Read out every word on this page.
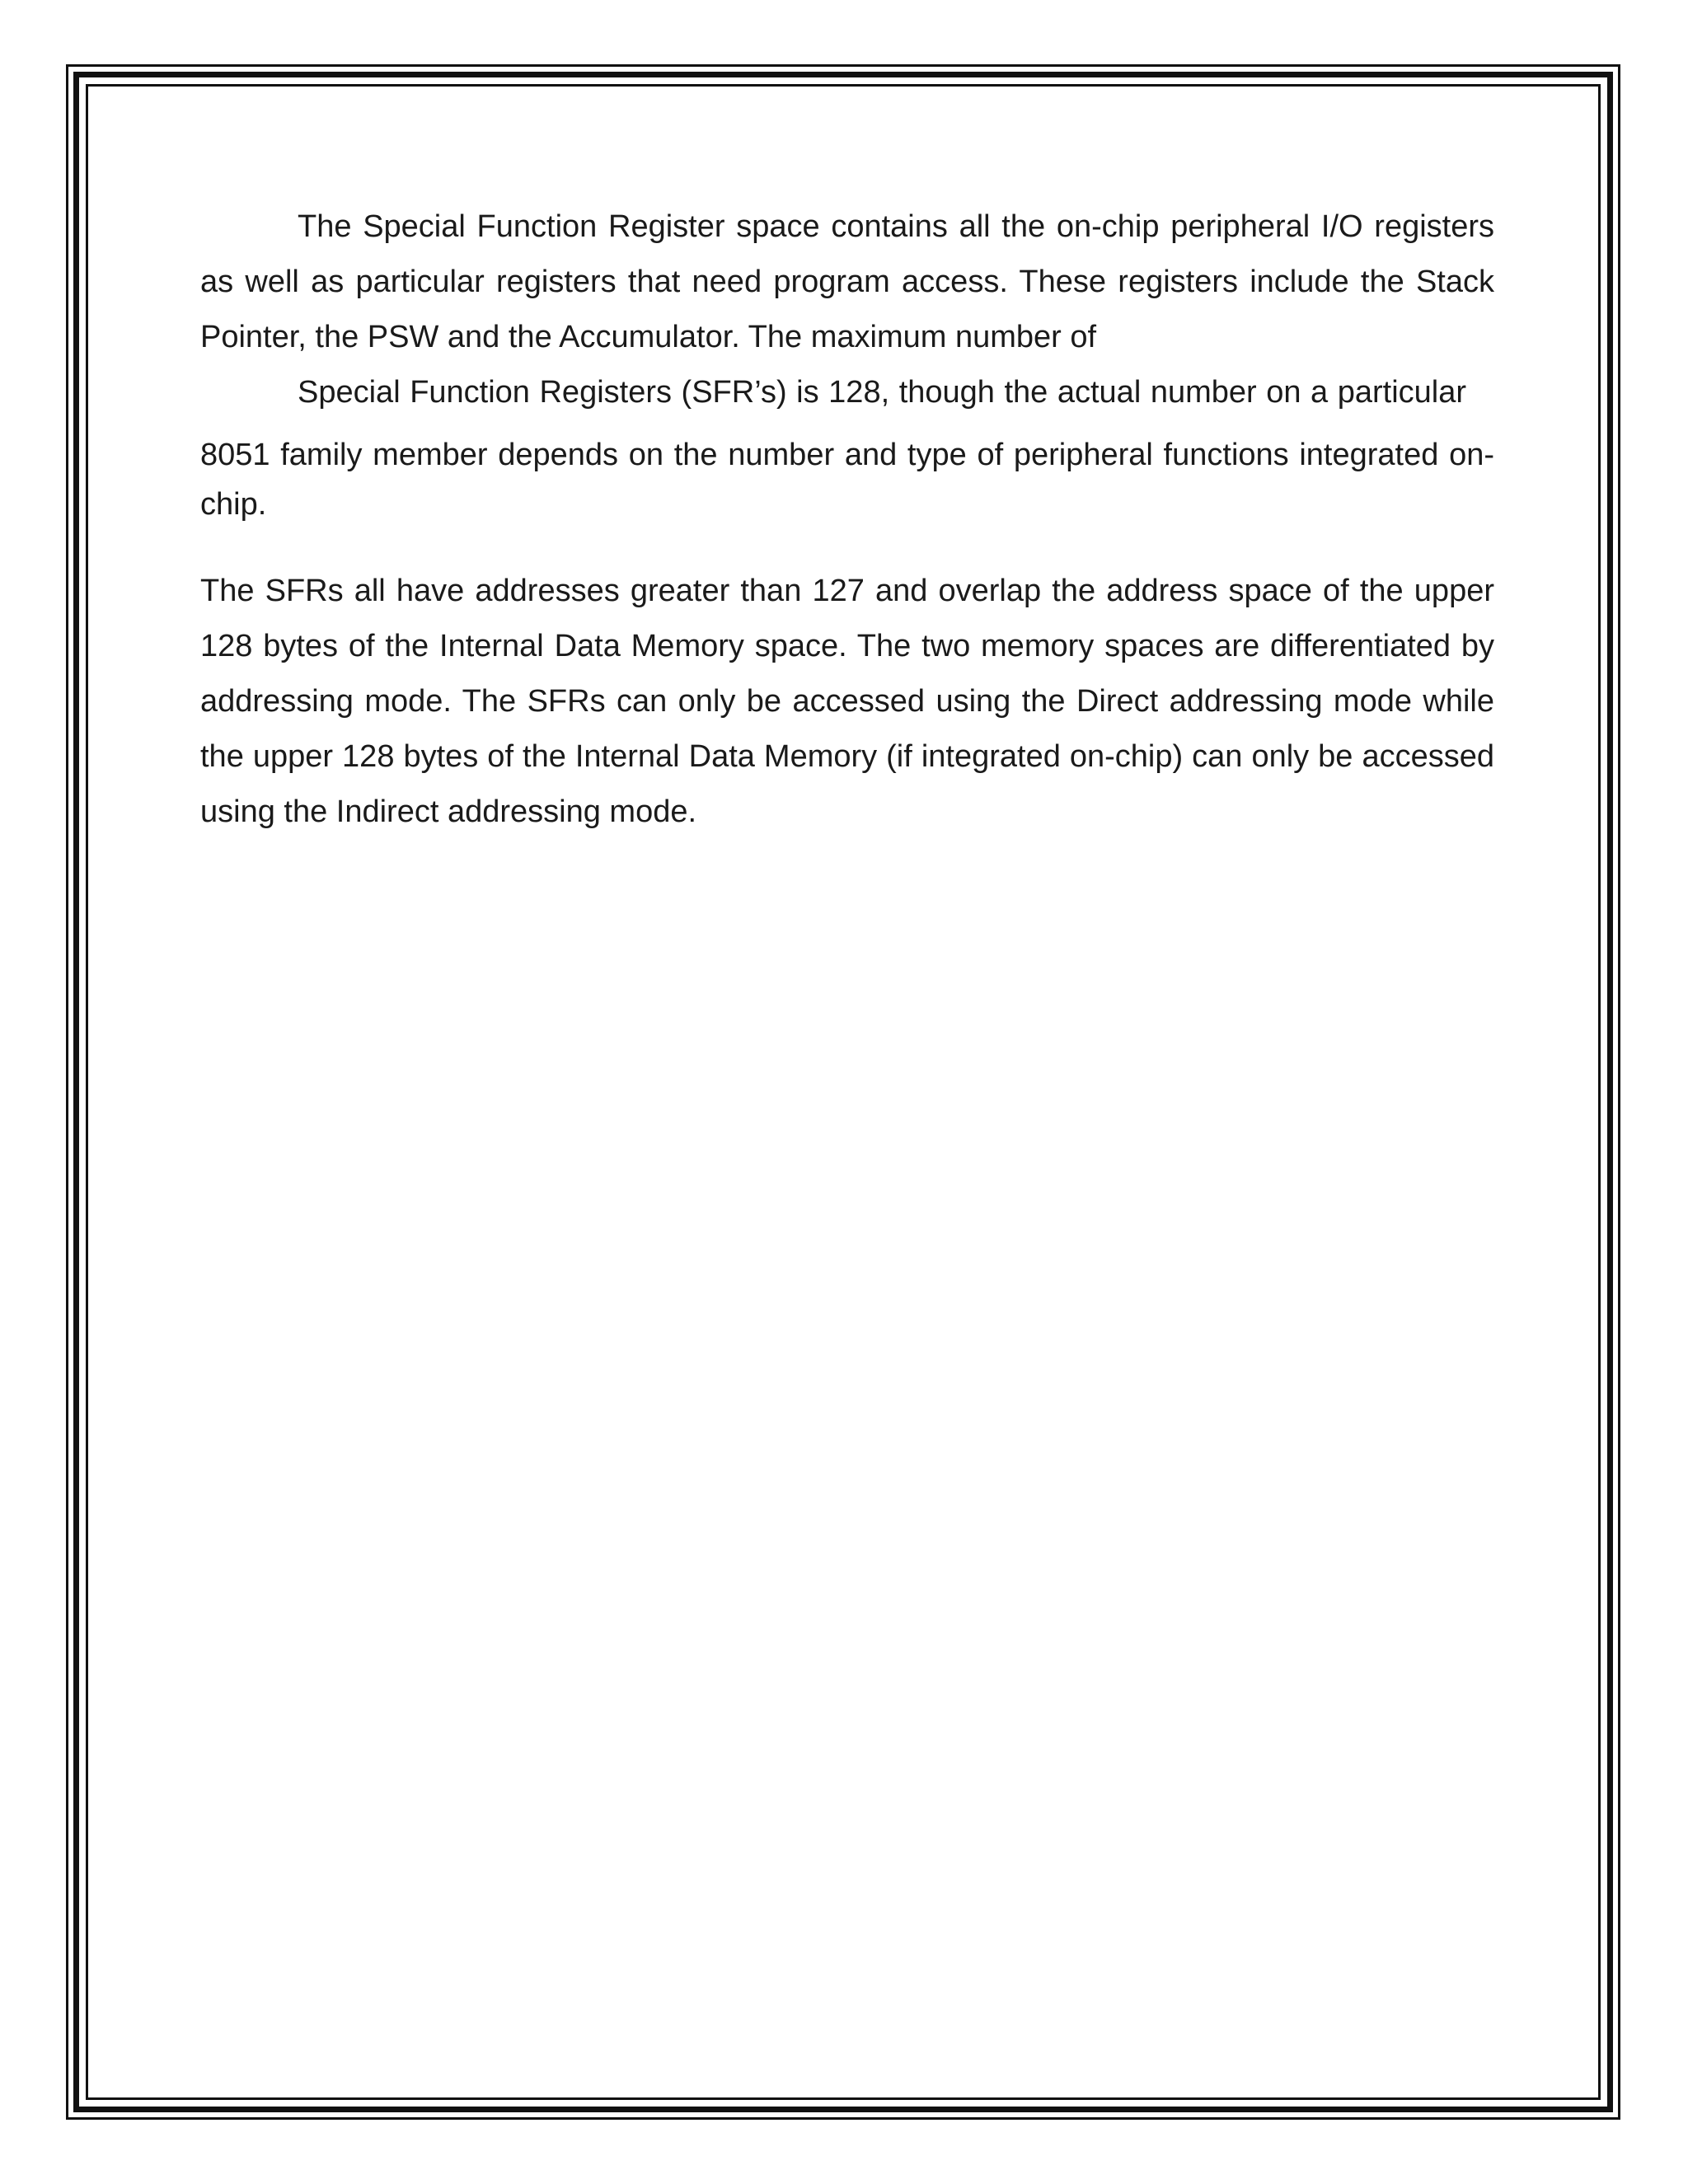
The Special Function Register space contains all the on-chip peripheral I/O registers as well as particular registers that need program access. These registers include the Stack Pointer, the PSW and the Accumulator. The maximum number of
Special Function Registers (SFR’s) is 128, though the actual number on a particular

8051 family member depends on the number and type of peripheral functions integrated on-chip.

The SFRs all have addresses greater than 127 and overlap the address space of the upper 128 bytes of the Internal Data Memory space. The two memory spaces are differentiated by addressing mode. The SFRs can only be accessed using the Direct addressing mode while the upper 128 bytes of the Internal Data Memory (if integrated on-chip) can only be accessed using the Indirect addressing mode.
